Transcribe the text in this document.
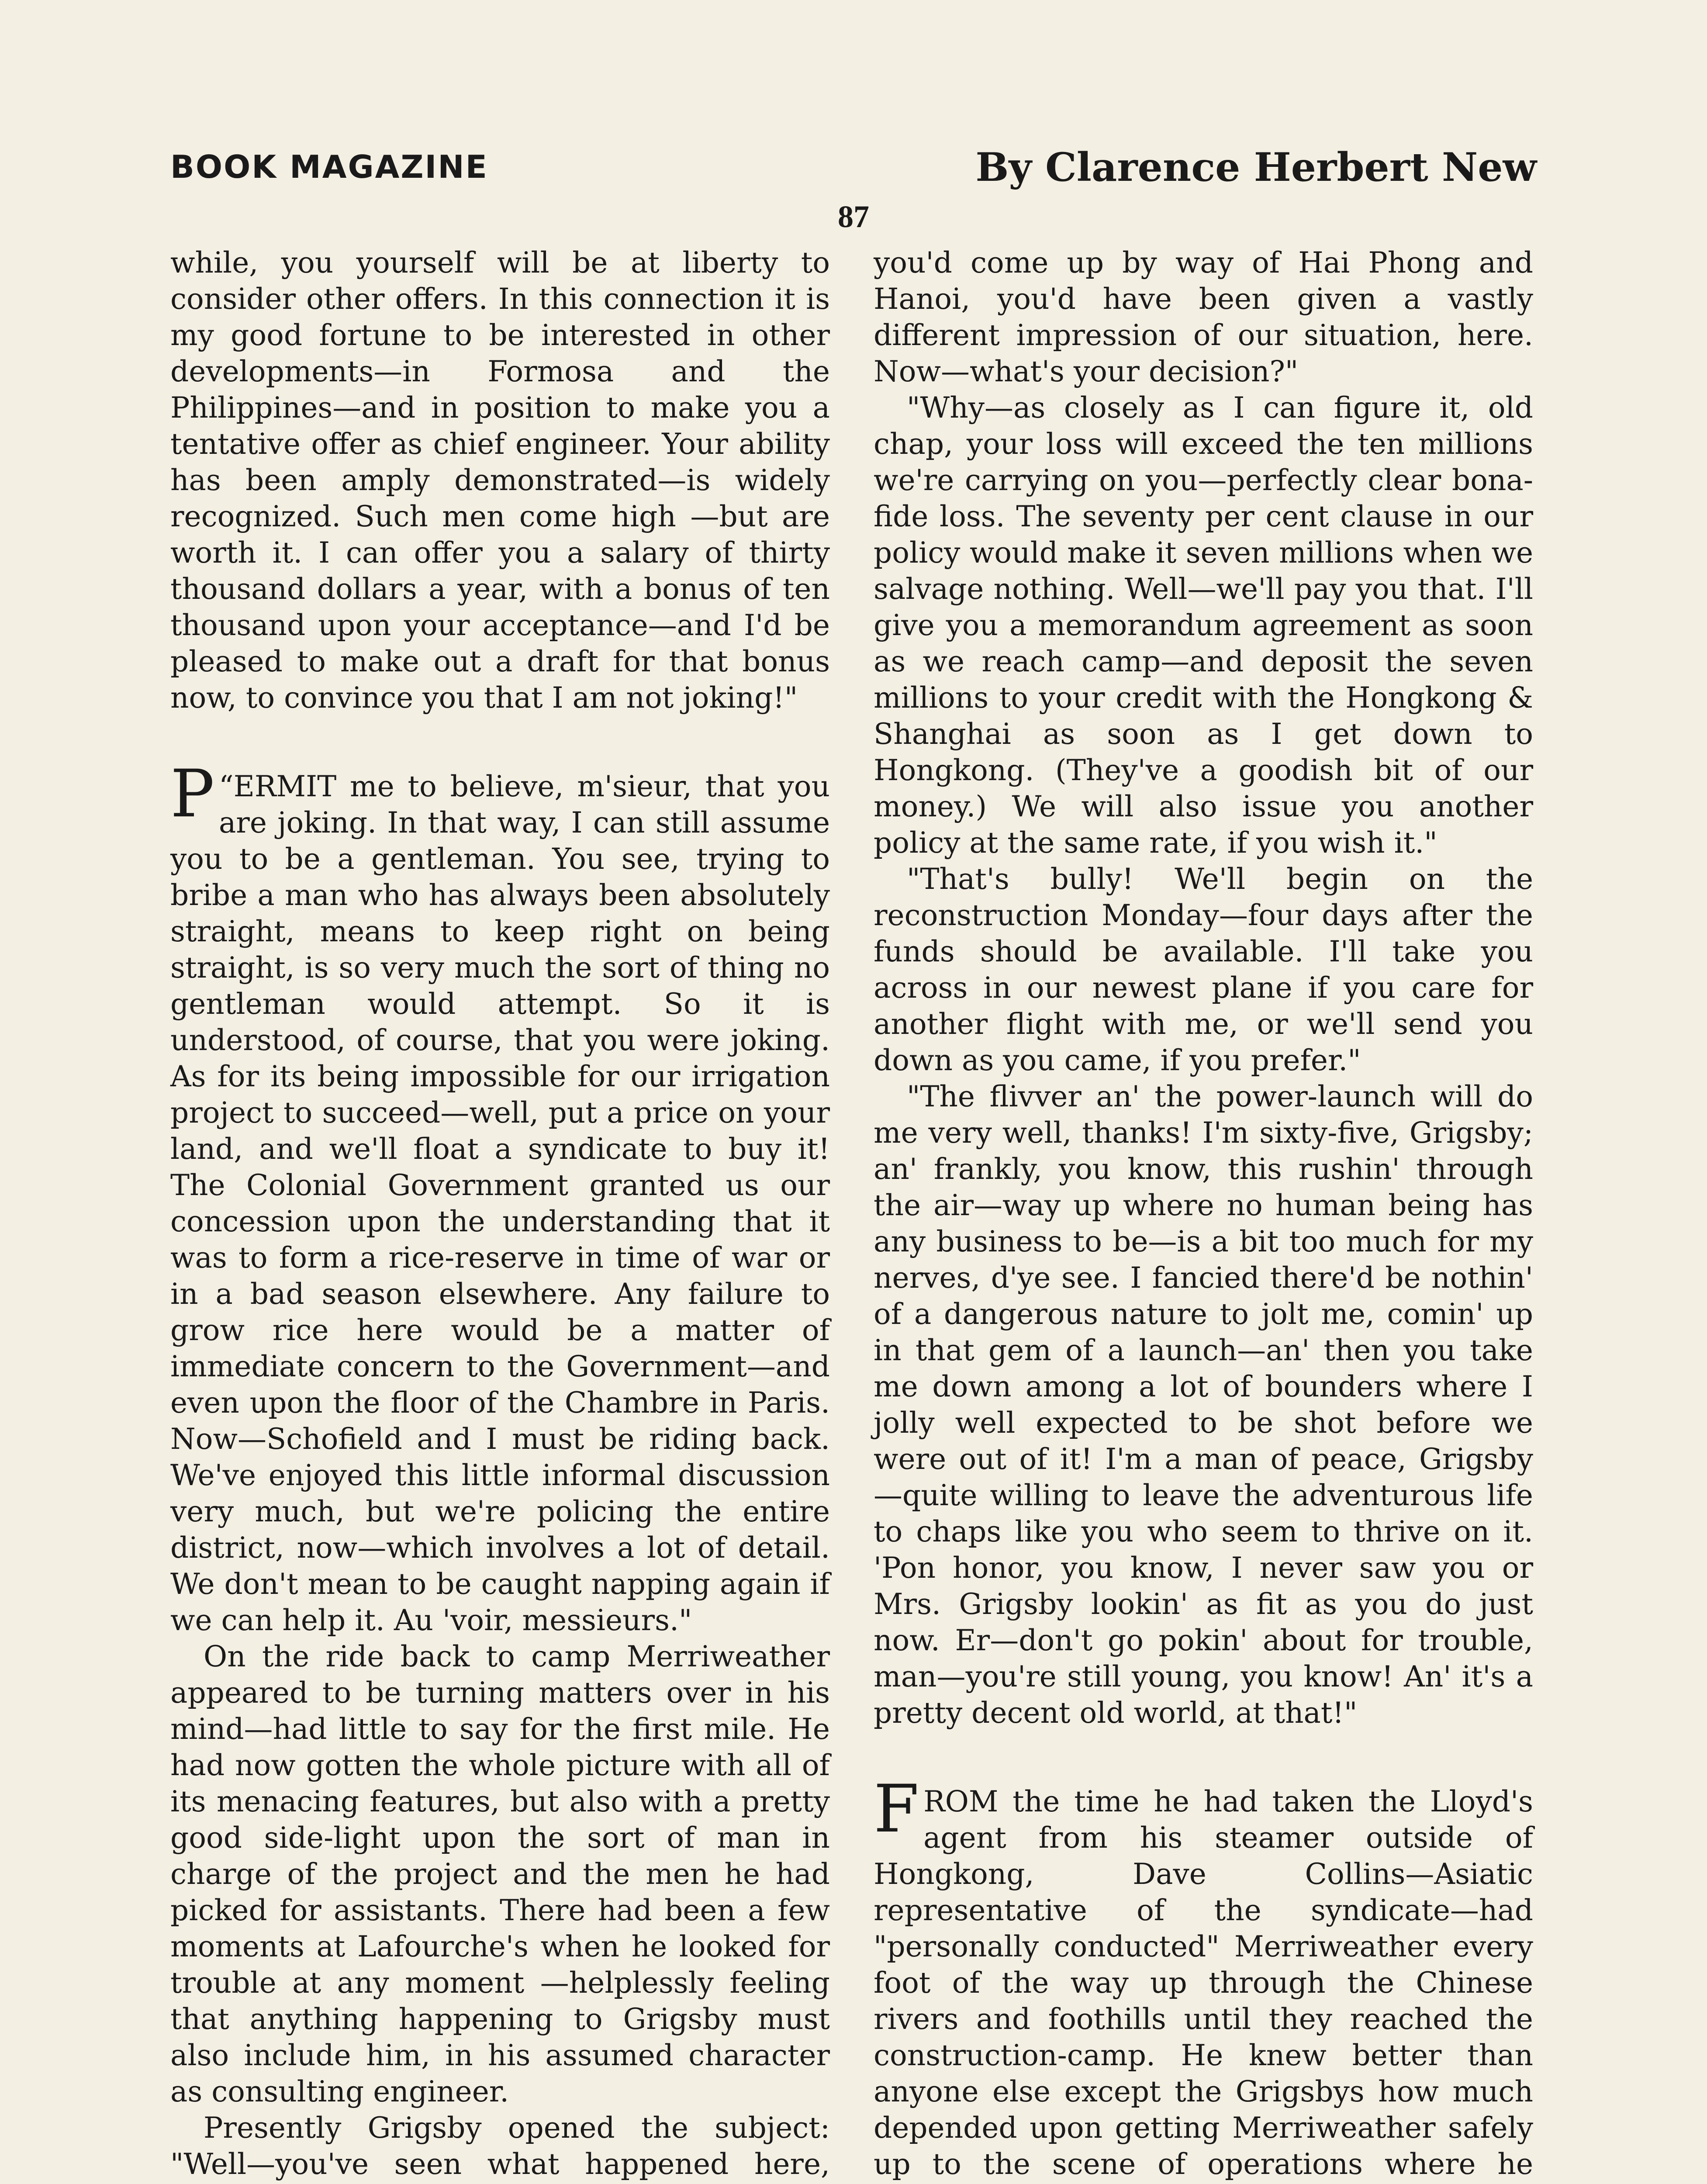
BOOK MAGAZINE	By Clarence Herbert New
87

while, you yourself will be at liberty to consider other offers. In this connection it is my good fortune to be interested in other developments—in Formosa and the Philippines—and in position to make you a tentative offer as chief engineer. Your ability has been amply demonstrated—is widely recognized. Such men come high —but are worth it. I can offer you a salary of thirty thousand dollars a year, with a bonus of ten thousand upon your acceptance—and I'd be pleased to make out a draft for that bonus now, to convince you that I am not joking!"

“
P ERMIT me to believe, m'sieur, that you are joking. In that way, I can still assume you to be a gentleman. You see, trying to bribe a man who has always been absolutely straight, means to keep right on being straight, is so very much the sort of thing no gentleman would attempt. So it is understood, of course, that you were joking. As for its being impossible for our irrigation project to succeed—well, put a price on your land, and we'll float a syndicate to buy it! The Colonial Government granted us our concession upon the understanding that it was to form a rice-reserve in time of war or in a bad season elsewhere. Any failure to grow rice here would be a matter of immediate concern to the Government—and even upon the floor of the Chambre in Paris. Now—Schofield and I must be riding back. We've enjoyed this little informal discussion very much, but we're policing the entire district, now—which involves a lot of detail. We don't mean to be caught napping again if we can help it. Au 'voir, messieurs."

On the ride back to camp Merriweather appeared to be turning matters over in his mind—had little to say for the first mile. He had now gotten the whole picture with all of its menacing features, but also with a pretty good side-light upon the sort of man in charge of the project and the men he had picked for assistants. There had been a few moments at Lafourche's when he looked for trouble at any moment —helplessly feeling that anything happening to Grigsby must also include him, in his assumed character as consulting engineer.

Presently Grigsby opened the subject: "Well—you've seen what happened here,

you'd come up by way of Hai Phong and Hanoi, you'd have been given a vastly different impression of our situation, here. Now—what's your decision?"

"Why—as closely as I can figure it, old chap, your loss will exceed the ten millions we're carrying on you—perfectly clear bona-fide loss. The seventy per cent clause in our policy would make it seven millions when we salvage nothing. Well—we'll pay you that. I'll give you a memorandum agreement as soon as we reach camp—and deposit the seven millions to your credit with the Hongkong & Shanghai as soon as I get down to Hongkong. (They've a goodish bit of our money.) We will also issue you another policy at the same rate, if you wish it."

"That's bully! We'll begin on the reconstruction Monday—four days after the funds should be available. I'll take you across in our newest plane if you care for another flight with me, or we'll send you down as you came, if you prefer."

"The flivver an' the power-launch will do me very well, thanks! I'm sixty-five, Grigsby; an' frankly, you know, this rushin' through the air—way up where no human being has any business to be—is a bit too much for my nerves, d'ye see. I fancied there'd be nothin' of a dangerous nature to jolt me, comin' up in that gem of a launch—an' then you take me down among a lot of bounders where I jolly well expected to be shot before we were out of it! I'm a man of peace, Grigsby —quite willing to leave the adventurous life to chaps like you who seem to thrive on it. 'Pon honor, you know, I never saw you or Mrs. Grigsby lookin' as fit as you do just now. Er—don't go pokin' about for trouble, man—you're still young, you know! An' it's a pretty decent old world, at that!"

FROM the time he had taken the Lloyd's agent from his steamer outside of Hongkong, Dave Collins—Asiatic representative of the syndicate—had "personally conducted" Merriweather every foot of the way up through the Chinese rivers and foothills until they reached the construction-camp. He knew better than anyone else except the Grigsbys how much depended upon getting Merriweather safely up to the scene of operations where he
